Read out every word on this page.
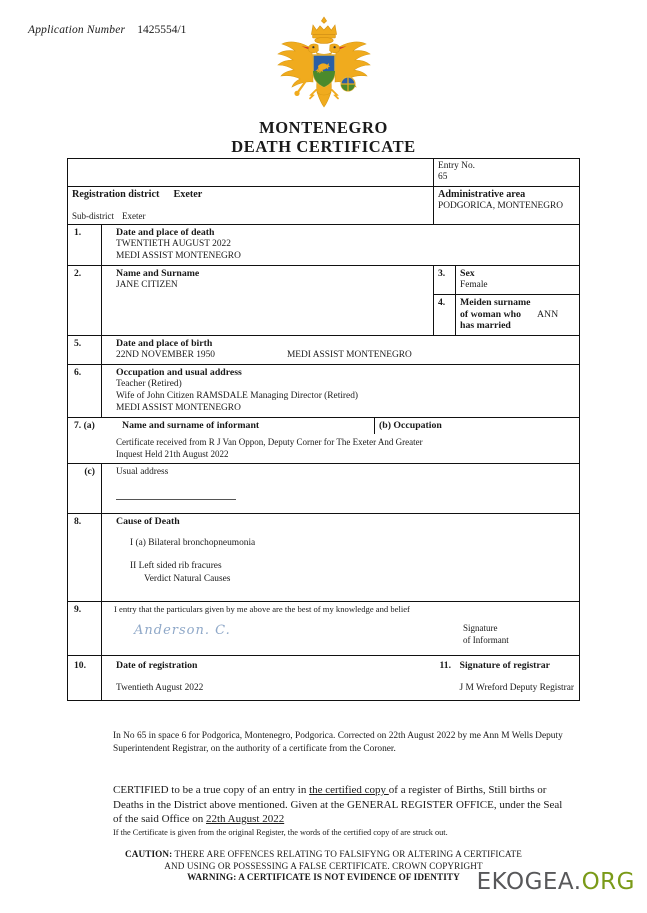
Application Number 1425554/1
MONTENEGRO
DEATH CERTIFICATE

Entry No.
65

Registration district Exeter
Sub-district Exeter

Administrative area
PODGORICA, MONTENEGRO

1.	Date and place of death
TWENTIETH AUGUST 2022
MEDI ASSIST MONTENEGRO

2.	Name and Surname
JANE CITIZEN
	3.	Sex
Female

4.	Meiden surname
of woman who ANN
has married

5.	Date and place of birth
22ND NOVEMBER 1950	MEDI ASSIST MONTENEGRO

6.	Occupation and usual address
Teacher (Retired)
Wife of John Citizen RAMSDALE Managing Director (Retired)
MEDI ASSIST MONTENEGRO

7. (a)	Name and surname of informant	(b) Occupation

Certificate received from R J Van Oppon, Deputy Corner for The Exeter And Greater
Inquest Held 21th August 2022

(c)	Usual address

8.	Cause of Death
I (a) Bilateral bronchopneumonia
II Left sided rib fracures
Verdict Natural Causes

9.	I entry that the particulars given by me above are the best of my knowledge and belief
Anderson. C.	Signature
of Informant

10.	Date of registration
Twentieth August 2022
	11.	Signature of registrar
J M Wreford Deputy Registrar
In No 65 in space 6 for Podgorica, Montenegro, Podgorica. Corrected on 22th August 2022 by me Ann M Wells Deputy Superintendent Registrar, on the authority of a certificate from the Coroner.
CERTIFIED to be a true copy of an entry in the certified copy of a register of Births, Still births or Deaths in the District above mentioned. Given at the GENERAL REGISTER OFFICE, under the Seal of the said Office on 22th August 2022
If the Certificate is given from the original Register, the words of the certified copy of are struck out.
CAUTION: THERE ARE OFFENCES RELATING TO FALSIFYNG OR ALTERING A CERTIFICATE
AND USING OR POSSESSING A FALSE CERTIFICATE. CROWN COPYRIGHT
WARNING: A CERTIFICATE IS NOT EVIDENCE OF IDENTITY EKOGEA.ORG
